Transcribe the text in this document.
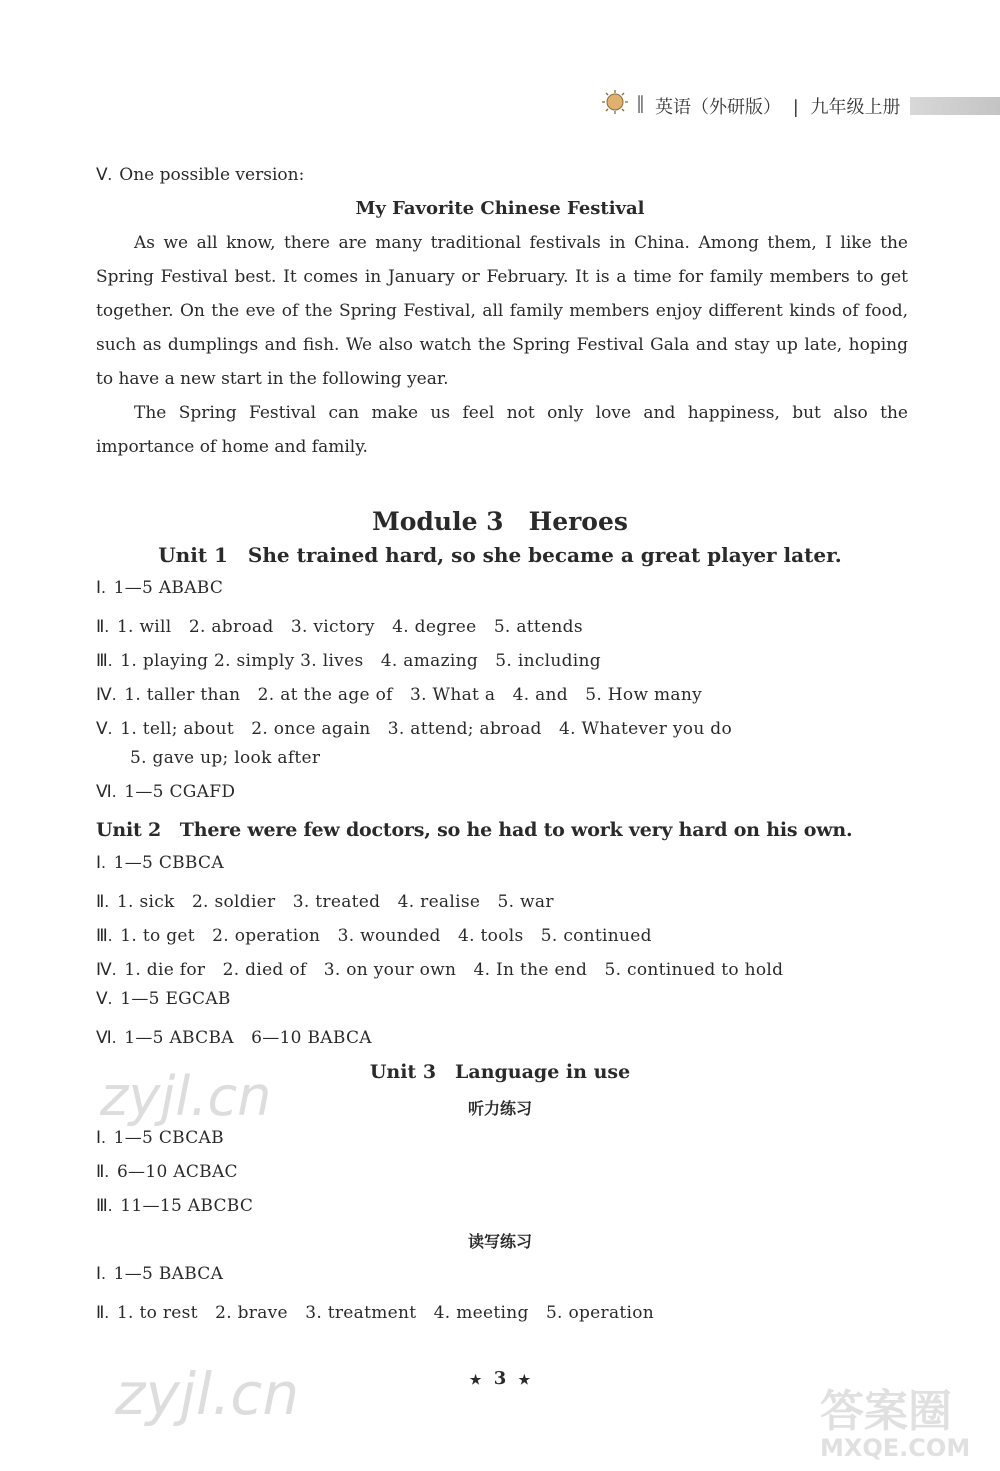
‖ 英语（外研版） | 九年级上册
Ⅴ. One possible version:
My Favorite Chinese Festival

As we all know, there are many traditional festivals in China. Among them, I like the Spring Festival best. It comes in January or February. It is a time for family members to get together. On the eve of the Spring Festival, all family members enjoy different kinds of food, such as dumplings and fish. We also watch the Spring Festival Gala and stay up late, hoping to have a new start in the following year.

The Spring Festival can make us feel not only love and happiness, but also the importance of home and family.

Module 3　Heroes
Unit 1　She trained hard, so she became a great player later.
Ⅰ. 1—5 ABABC
Ⅱ. 1. will　2. abroad　3. victory　4. degree　5. attends
Ⅲ. 1. playing 2. simply 3. lives　4. amazing　5. including
Ⅳ. 1. taller than　2. at the age of　3. What a　4. and　5. How many
Ⅴ. 1. tell; about　2. once again　3. attend; abroad　4. Whatever you do
5. gave up; look after
Ⅵ. 1—5 CGAFD
Unit 2　There were few doctors, so he had to work very hard on his own.
Ⅰ. 1—5 CBBCA
Ⅱ. 1. sick　2. soldier　3. treated　4. realise　5. war
Ⅲ. 1. to get　2. operation　3. wounded　4. tools　5. continued
Ⅳ. 1. die for　2. died of　3. on your own　4. In the end　5. continued to hold
Ⅴ. 1—5 EGCAB
Ⅵ. 1—5 ABCBA　6—10 BABCA
Unit 3　Language in use
听力练习
Ⅰ. 1—5 CBCAB
Ⅱ. 6—10 ACBAC
Ⅲ. 11—15 ABCBC
读写练习
Ⅰ. 1—5 BABCA
Ⅱ. 1. to rest　2. brave　3. treatment　4. meeting　5. operation
★ 3 ★
zyjl.cn
zyjl.cn	答案圈
MXQE.COM
